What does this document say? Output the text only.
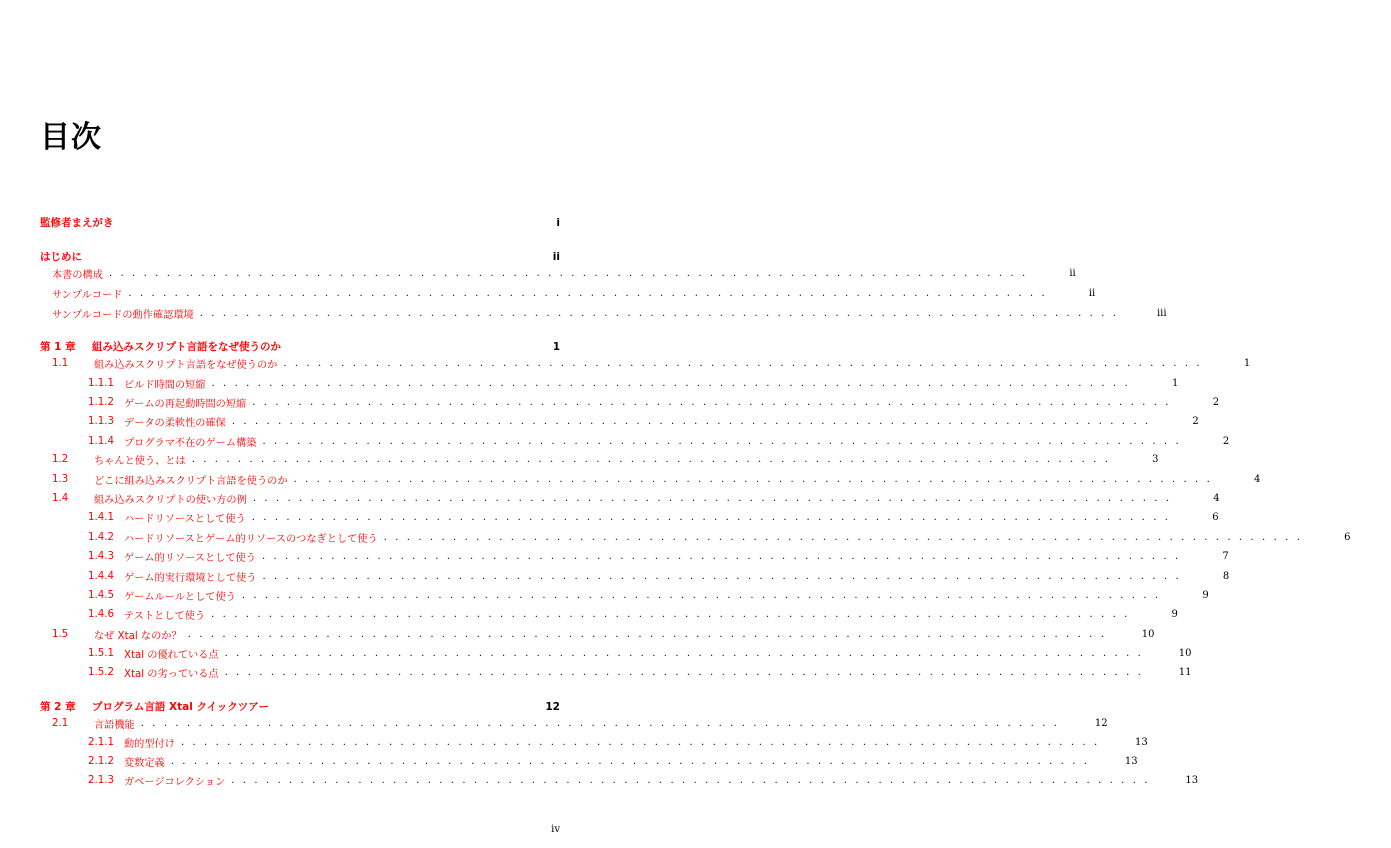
目次
監修者まえがき	i
はじめに	ii
本書の構成 . . . . . . . . . . . . . . . . . . . . . . . . . . . . . . . . . . . . . . . . . . . . . . . . . . . . . . . . . . . . . . . . . . . . . . . . . . . . . . . .	ii
サンプルコード . . . . . . . . . . . . . . . . . . . . . . . . . . . . . . . . . . . . . . . . . . . . . . . . . . . . . . . . . . . . . . . . . . . . . . . . . . . . . . . .	ii
サンプルコードの動作確認環境 . . . . . . . . . . . . . . . . . . . . . . . . . . . . . . . . . . . . . . . . . . . . . . . . . . . . . . . . . . . . . . . . . . . . . . . . . . . . . . . .	iii
第 1 章	組み込みスクリプト言語をなぜ使うのか	1
1.1	組み込みスクリプト言語をなぜ使うのか . . . . . . . . . . . . . . . . . . . . . . . . . . . . . . . . . . . . . . . . . . . . . . . . . . . . . . . . . . . . . . . . . . . . . . . . . . . . . . . .	1
1.1.1 ビルド時間の短縮 . . . . . . . . . . . . . . . . . . . . . . . . . . . . . . . . . . . . . . . . . . . . . . . . . . . . . . . . . . . . . . . . . . . . . . . . . . . . . . . .	1
1.1.2 ゲームの再起動時間の短縮 . . . . . . . . . . . . . . . . . . . . . . . . . . . . . . . . . . . . . . . . . . . . . . . . . . . . . . . . . . . . . . . . . . . . . . . . . . . . . . . .	2
1.1.3 データの柔軟性の確保 . . . . . . . . . . . . . . . . . . . . . . . . . . . . . . . . . . . . . . . . . . . . . . . . . . . . . . . . . . . . . . . . . . . . . . . . . . . . . . . .	2
1.1.4 プログラマ不在のゲーム構築 . . . . . . . . . . . . . . . . . . . . . . . . . . . . . . . . . . . . . . . . . . . . . . . . . . . . . . . . . . . . . . . . . . . . . . . . . . . . . . . .	2
1.2	ちゃんと使う、とは . . . . . . . . . . . . . . . . . . . . . . . . . . . . . . . . . . . . . . . . . . . . . . . . . . . . . . . . . . . . . . . . . . . . . . . . . . . . . . . .	3
1.3	どこに組み込みスクリプト言語を使うのか . . . . . . . . . . . . . . . . . . . . . . . . . . . . . . . . . . . . . . . . . . . . . . . . . . . . . . . . . . . . . . . . . . . . . . . . . . . . . . . .	4
1.4	組み込みスクリプトの使い方の例 . . . . . . . . . . . . . . . . . . . . . . . . . . . . . . . . . . . . . . . . . . . . . . . . . . . . . . . . . . . . . . . . . . . . . . . . . . . . . . . .	4
1.4.1 ハードリソースとして使う . . . . . . . . . . . . . . . . . . . . . . . . . . . . . . . . . . . . . . . . . . . . . . . . . . . . . . . . . . . . . . . . . . . . . . . . . . . . . . . .	6
1.4.2 ハードリソースとゲーム的リソースのつなぎとして使う . . . . . . . . . . . . . . . . . . . . . . . . . . . . . . . . . . . . . . . . . . . . . . . . . . . . . . . . . . . . . . . . . . . . . . . . . . . . . . . .	6
1.4.3 ゲーム的リソースとして使う . . . . . . . . . . . . . . . . . . . . . . . . . . . . . . . . . . . . . . . . . . . . . . . . . . . . . . . . . . . . . . . . . . . . . . . . . . . . . . . .	7
1.4.4 ゲーム的実行環境として使う . . . . . . . . . . . . . . . . . . . . . . . . . . . . . . . . . . . . . . . . . . . . . . . . . . . . . . . . . . . . . . . . . . . . . . . . . . . . . . . .	8
1.4.5 ゲームルールとして使う . . . . . . . . . . . . . . . . . . . . . . . . . . . . . . . . . . . . . . . . . . . . . . . . . . . . . . . . . . . . . . . . . . . . . . . . . . . . . . . .	9
1.4.6 テストとして使う . . . . . . . . . . . . . . . . . . . . . . . . . . . . . . . . . . . . . . . . . . . . . . . . . . . . . . . . . . . . . . . . . . . . . . . . . . . . . . . .	9
1.5	なぜ Xtal なのか？ . . . . . . . . . . . . . . . . . . . . . . . . . . . . . . . . . . . . . . . . . . . . . . . . . . . . . . . . . . . . . . . . . . . . . . . . . . . . . . . .	10
1.5.1 Xtal の優れている点 . . . . . . . . . . . . . . . . . . . . . . . . . . . . . . . . . . . . . . . . . . . . . . . . . . . . . . . . . . . . . . . . . . . . . . . . . . . . . . . .	10
1.5.2 Xtal の劣っている点 . . . . . . . . . . . . . . . . . . . . . . . . . . . . . . . . . . . . . . . . . . . . . . . . . . . . . . . . . . . . . . . . . . . . . . . . . . . . . . . .	11
第 2 章	プログラム言語 Xtal クイックツアー	12
2.1	言語機能 . . . . . . . . . . . . . . . . . . . . . . . . . . . . . . . . . . . . . . . . . . . . . . . . . . . . . . . . . . . . . . . . . . . . . . . . . . . . . . . .	12
2.1.1 動的型付け . . . . . . . . . . . . . . . . . . . . . . . . . . . . . . . . . . . . . . . . . . . . . . . . . . . . . . . . . . . . . . . . . . . . . . . . . . . . . . . .	13
2.1.2 変数定義 . . . . . . . . . . . . . . . . . . . . . . . . . . . . . . . . . . . . . . . . . . . . . . . . . . . . . . . . . . . . . . . . . . . . . . . . . . . . . . . .	13
2.1.3 ガベージコレクション . . . . . . . . . . . . . . . . . . . . . . . . . . . . . . . . . . . . . . . . . . . . . . . . . . . . . . . . . . . . . . . . . . . . . . . . . . . . . . . .	13
iv
